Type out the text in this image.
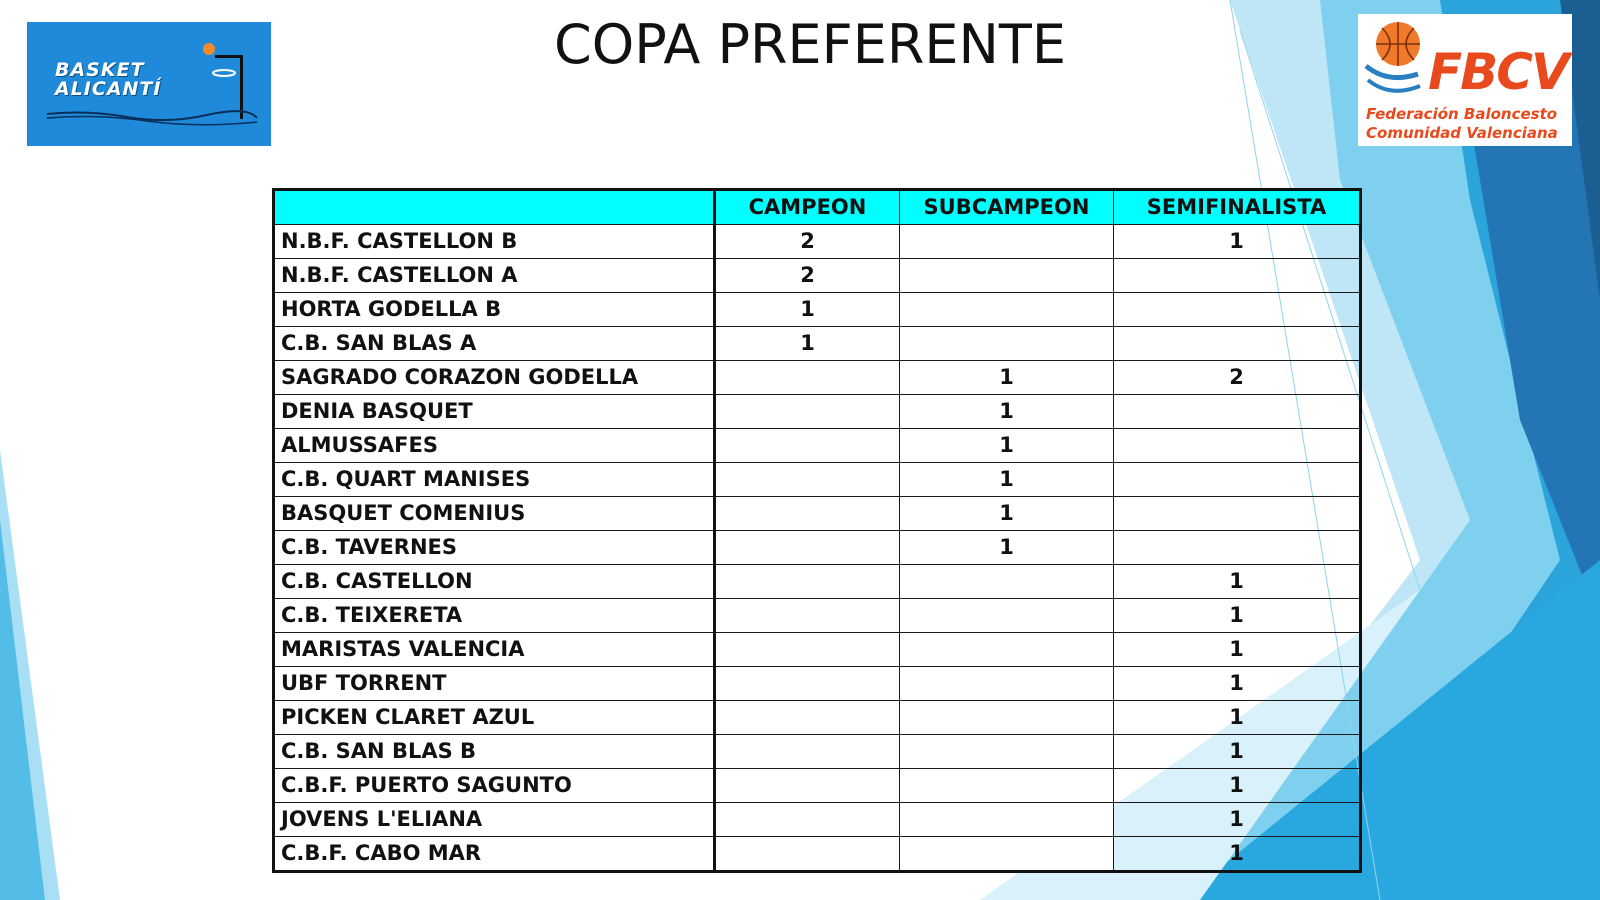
COPA PREFERENTE
BASKET
ALICANTÍ	FBCV
Federación Baloncesto
Comunidad Valenciana
	CAMPEON	SUBCAMPEON	SEMIFINALISTA
N.B.F. CASTELLON B	2		1
N.B.F. CASTELLON A	2		
HORTA GODELLA B	1		
C.B. SAN BLAS A	1		
SAGRADO CORAZON GODELLA		1	2
DENIA BASQUET		1	
ALMUSSAFES		1	
C.B. QUART MANISES		1	
BASQUET COMENIUS		1	
C.B. TAVERNES		1	
C.B. CASTELLON			1
C.B. TEIXERETA			1
MARISTAS VALENCIA			1
UBF TORRENT			1
PICKEN CLARET AZUL			1
C.B. SAN BLAS B			1
C.B.F. PUERTO SAGUNTO			1
JOVENS L'ELIANA			1
C.B.F. CABO MAR			1
